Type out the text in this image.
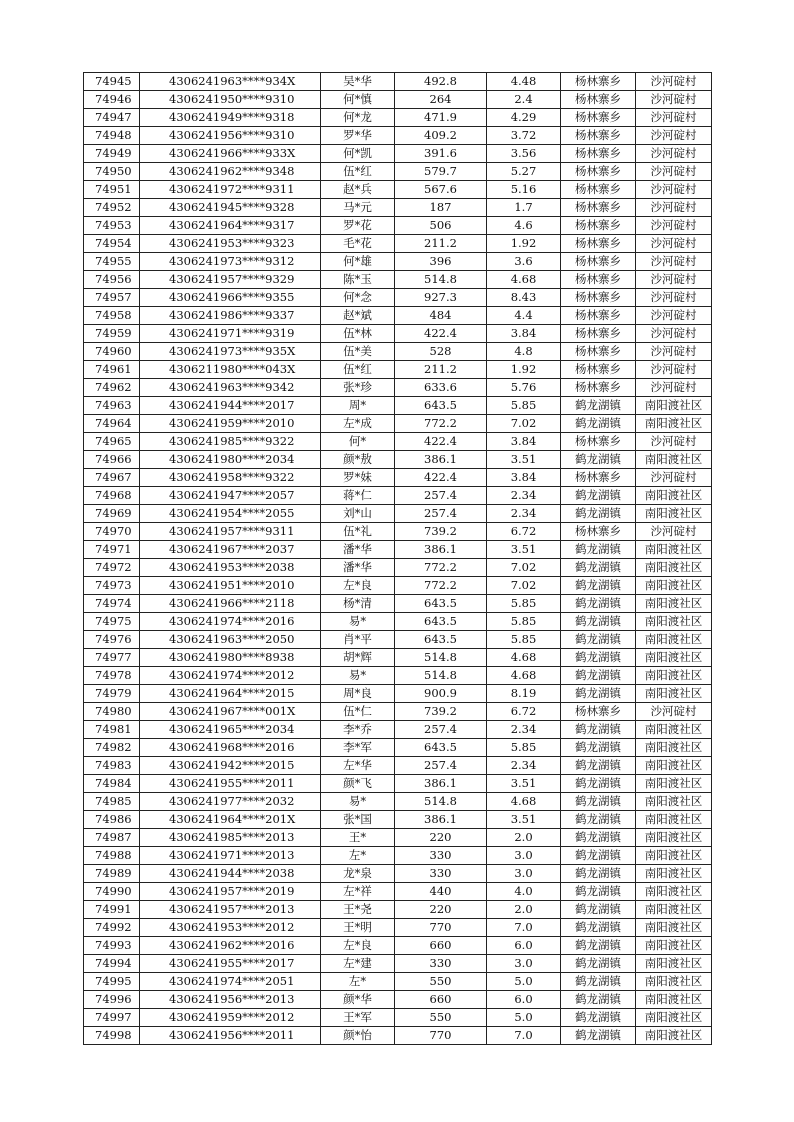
74945	4306241963****934X	吴*华	492.8	4.48	杨林寨乡	沙河碇村
74946	4306241950****9310	何*慎	264	2.4	杨林寨乡	沙河碇村
74947	4306241949****9318	何*龙	471.9	4.29	杨林寨乡	沙河碇村
74948	4306241956****9310	罗*华	409.2	3.72	杨林寨乡	沙河碇村
74949	4306241966****933X	何*凯	391.6	3.56	杨林寨乡	沙河碇村
74950	4306241962****9348	伍*红	579.7	5.27	杨林寨乡	沙河碇村
74951	4306241972****9311	赵*兵	567.6	5.16	杨林寨乡	沙河碇村
74952	4306241945****9328	马*元	187	1.7	杨林寨乡	沙河碇村
74953	4306241964****9317	罗*花	506	4.6	杨林寨乡	沙河碇村
74954	4306241953****9323	毛*花	211.2	1.92	杨林寨乡	沙河碇村
74955	4306241973****9312	何*雄	396	3.6	杨林寨乡	沙河碇村
74956	4306241957****9329	陈*玉	514.8	4.68	杨林寨乡	沙河碇村
74957	4306241966****9355	何*念	927.3	8.43	杨林寨乡	沙河碇村
74958	4306241986****9337	赵*斌	484	4.4	杨林寨乡	沙河碇村
74959	4306241971****9319	伍*林	422.4	3.84	杨林寨乡	沙河碇村
74960	4306241973****935X	伍*美	528	4.8	杨林寨乡	沙河碇村
74961	4306211980****043X	伍*红	211.2	1.92	杨林寨乡	沙河碇村
74962	4306241963****9342	张*珍	633.6	5.76	杨林寨乡	沙河碇村
74963	4306241944****2017	周*	643.5	5.85	鹤龙湖镇	南阳渡社区
74964	4306241959****2010	左*成	772.2	7.02	鹤龙湖镇	南阳渡社区
74965	4306241985****9322	何*	422.4	3.84	杨林寨乡	沙河碇村
74966	4306241980****2034	颜*敖	386.1	3.51	鹤龙湖镇	南阳渡社区
74967	4306241958****9322	罗*妹	422.4	3.84	杨林寨乡	沙河碇村
74968	4306241947****2057	蒋*仁	257.4	2.34	鹤龙湖镇	南阳渡社区
74969	4306241954****2055	刘*山	257.4	2.34	鹤龙湖镇	南阳渡社区
74970	4306241957****9311	伍*礼	739.2	6.72	杨林寨乡	沙河碇村
74971	4306241967****2037	潘*华	386.1	3.51	鹤龙湖镇	南阳渡社区
74972	4306241953****2038	潘*华	772.2	7.02	鹤龙湖镇	南阳渡社区
74973	4306241951****2010	左*良	772.2	7.02	鹤龙湖镇	南阳渡社区
74974	4306241966****2118	杨*清	643.5	5.85	鹤龙湖镇	南阳渡社区
74975	4306241974****2016	易*	643.5	5.85	鹤龙湖镇	南阳渡社区
74976	4306241963****2050	肖*平	643.5	5.85	鹤龙湖镇	南阳渡社区
74977	4306241980****8938	胡*辉	514.8	4.68	鹤龙湖镇	南阳渡社区
74978	4306241974****2012	易*	514.8	4.68	鹤龙湖镇	南阳渡社区
74979	4306241964****2015	周*良	900.9	8.19	鹤龙湖镇	南阳渡社区
74980	4306241967****001X	伍*仁	739.2	6.72	杨林寨乡	沙河碇村
74981	4306241965****2034	李*乔	257.4	2.34	鹤龙湖镇	南阳渡社区
74982	4306241968****2016	李*军	643.5	5.85	鹤龙湖镇	南阳渡社区
74983	4306241942****2015	左*华	257.4	2.34	鹤龙湖镇	南阳渡社区
74984	4306241955****2011	颜*飞	386.1	3.51	鹤龙湖镇	南阳渡社区
74985	4306241977****2032	易*	514.8	4.68	鹤龙湖镇	南阳渡社区
74986	4306241964****201X	张*国	386.1	3.51	鹤龙湖镇	南阳渡社区
74987	4306241985****2013	王*	220	2.0	鹤龙湖镇	南阳渡社区
74988	4306241971****2013	左*	330	3.0	鹤龙湖镇	南阳渡社区
74989	4306241944****2038	龙*泉	330	3.0	鹤龙湖镇	南阳渡社区
74990	4306241957****2019	左*祥	440	4.0	鹤龙湖镇	南阳渡社区
74991	4306241957****2013	王*尧	220	2.0	鹤龙湖镇	南阳渡社区
74992	4306241953****2012	王*明	770	7.0	鹤龙湖镇	南阳渡社区
74993	4306241962****2016	左*良	660	6.0	鹤龙湖镇	南阳渡社区
74994	4306241955****2017	左*建	330	3.0	鹤龙湖镇	南阳渡社区
74995	4306241974****2051	左*	550	5.0	鹤龙湖镇	南阳渡社区
74996	4306241956****2013	颜*华	660	6.0	鹤龙湖镇	南阳渡社区
74997	4306241959****2012	王*军	550	5.0	鹤龙湖镇	南阳渡社区
74998	4306241956****2011	颜*怡	770	7.0	鹤龙湖镇	南阳渡社区
